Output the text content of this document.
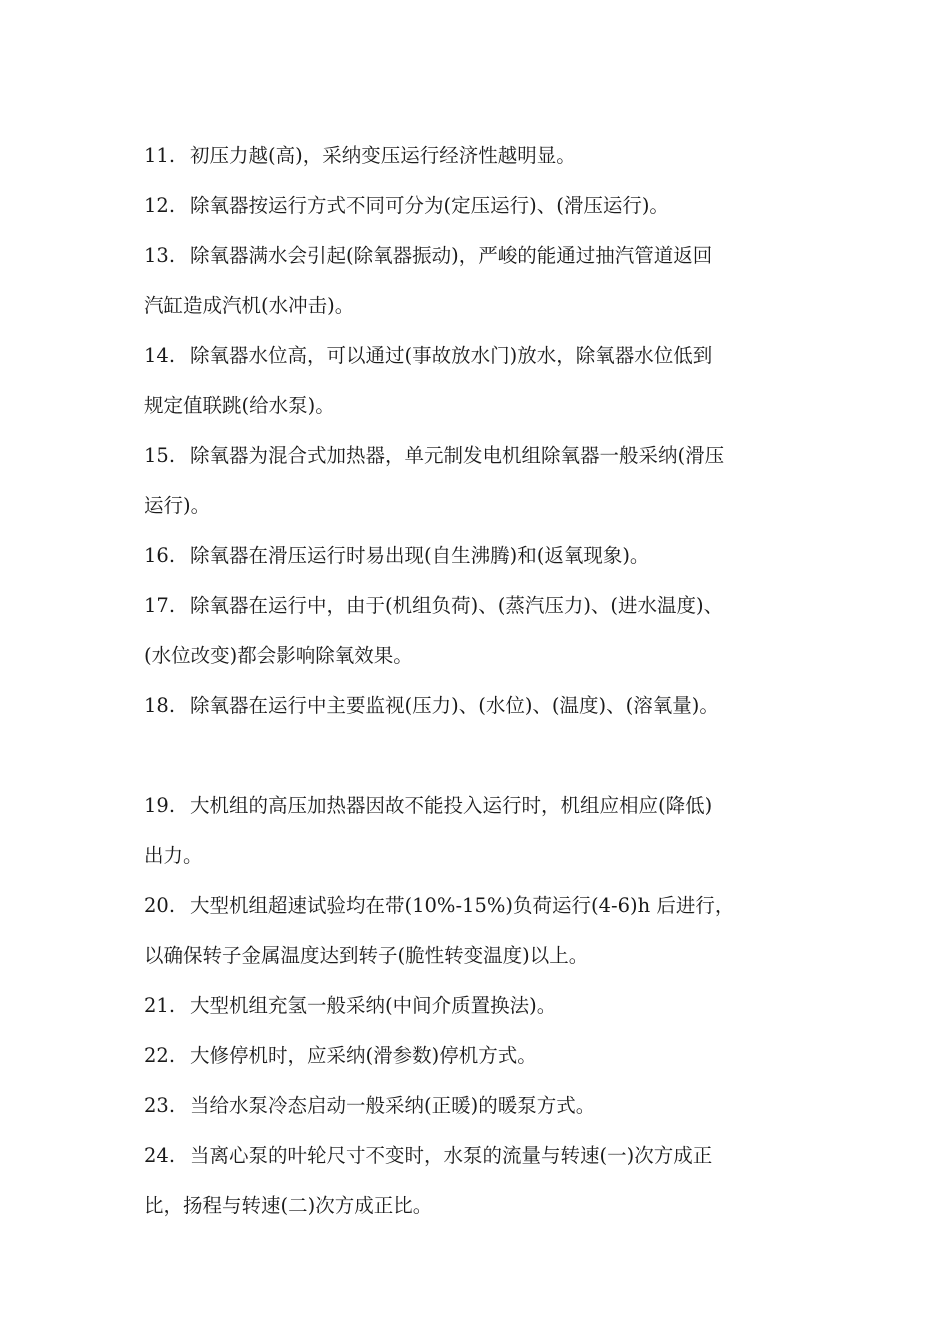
11. 初压力越(高)，采纳变压运行经济性越明显。
12. 除氧器按运行方式不同可分为(定压运行)、(滑压运行)。
13. 除氧器满水会引起(除氧器振动)，严峻的能通过抽汽管道返回
汽缸造成汽机(水冲击)。
14. 除氧器水位高，可以通过(事故放水门)放水，除氧器水位低到
规定值联跳(给水泵)。
15. 除氧器为混合式加热器，单元制发电机组除氧器一般采纳(滑压
运行)。
16. 除氧器在滑压运行时易出现(自生沸腾)和(返氧现象)。
17. 除氧器在运行中，由于(机组负荷)、(蒸汽压力)、(进水温度)、
(水位改变)都会影响除氧效果。
18. 除氧器在运行中主要监视(压力)、(水位)、(温度)、(溶氧量)。
19. 大机组的高压加热器因故不能投入运行时，机组应相应(降低)
出力。
20. 大型机组超速试验均在带(10%-15%)负荷运行(4-6)h 后进行，
以确保转子金属温度达到转子(脆性转变温度)以上。
21. 大型机组充氢一般采纳(中间介质置换法)。
22. 大修停机时，应采纳(滑参数)停机方式。
23. 当给水泵冷态启动一般采纳(正暖)的暖泵方式。
24. 当离心泵的叶轮尺寸不变时，水泵的流量与转速(一)次方成正
比，扬程与转速(二)次方成正比。
